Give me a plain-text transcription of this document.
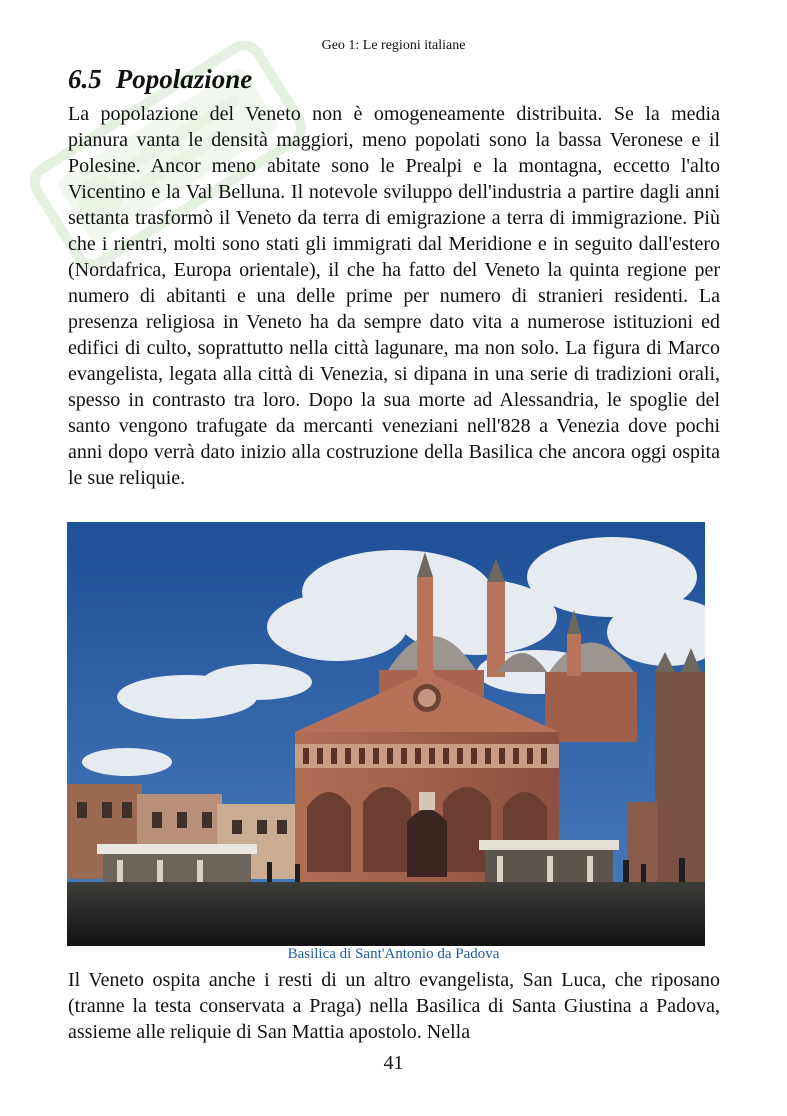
Geo 1: Le regioni italiane
6.5 Popolazione

La popolazione del Veneto non è omogeneamente distribuita. Se la media pianura vanta le densità maggiori, meno popolati sono la bassa Veronese e il Polesine. Ancor meno abitate sono le Prealpi e la montagna, eccetto l'alto Vicentino e la Val Belluna. Il notevole sviluppo dell'industria a partire dagli anni settanta trasformò il Veneto da terra di emigrazione a terra di immigrazione. Più che i rientri, molti sono stati gli immigrati dal Meridione e in seguito dall'estero (Nordafrica, Europa orientale), il che ha fatto del Veneto la quinta regione per numero di abitanti e una delle prime per numero di stranieri residenti. La presenza religiosa in Veneto ha da sempre dato vita a numerose istituzioni ed edifici di culto, soprattutto nella città lagunare, ma non solo. La figura di Marco evangelista, legata alla città di Venezia, si dipana in una serie di tradizioni orali, spesso in contrasto tra loro. Dopo la sua morte ad Alessandria, le spoglie del santo vengono trafugate da mercanti veneziani nell'828 a Venezia dove pochi anni dopo verrà dato inizio alla costruzione della Basilica che ancora oggi ospita le sue reliquie.

Basilica di Sant'Antonio da Padova

Il Veneto ospita anche i resti di un altro evangelista, San Luca, che riposano (tranne la testa conservata a Praga) nella Basilica di Santa Giustina a Padova, assieme alle reliquie di San Mattia apostolo. Nella

41
